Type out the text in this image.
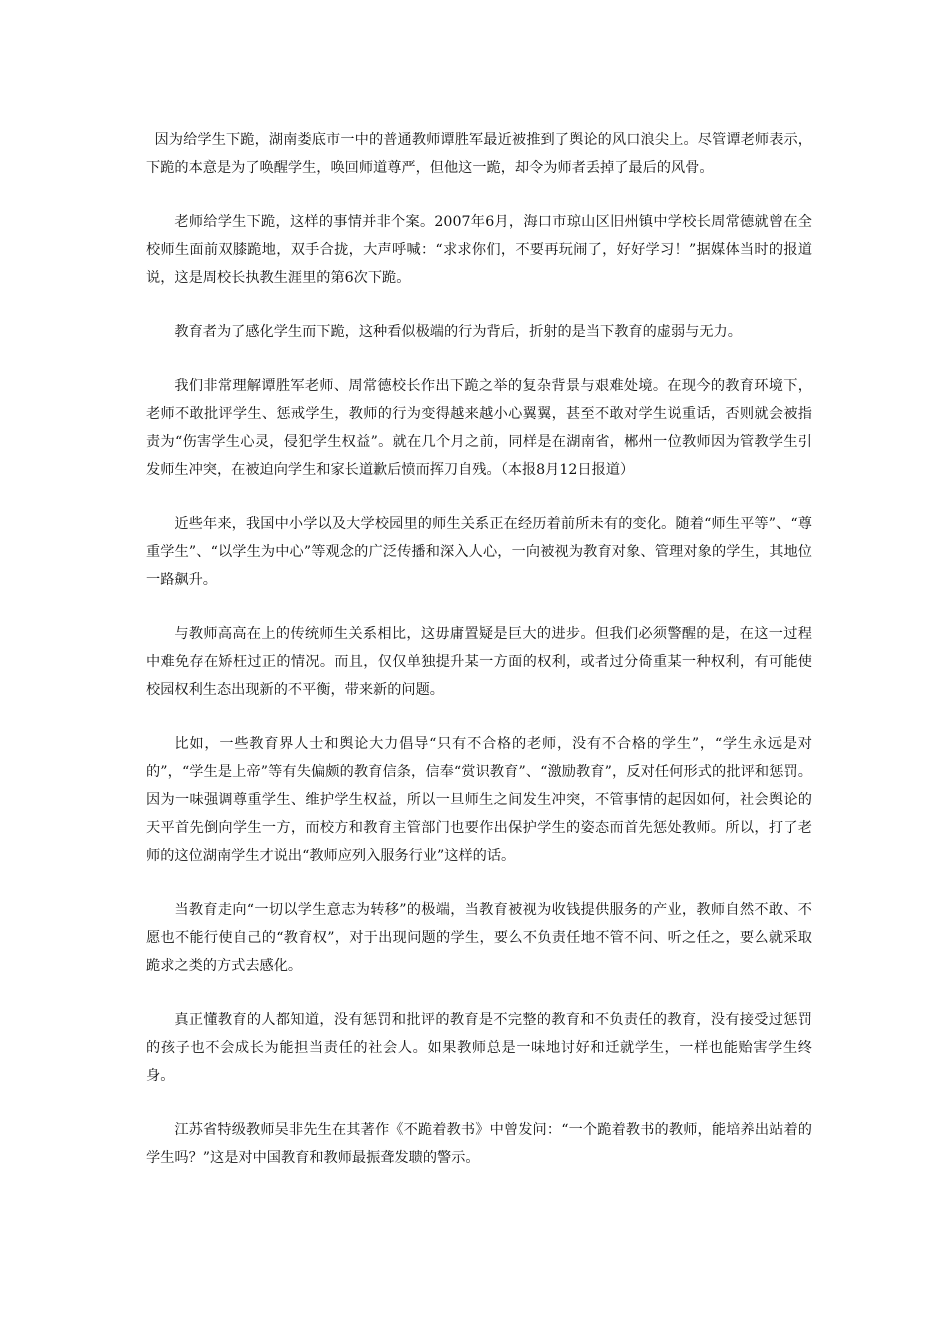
因为给学生下跪，湖南娄底市一中的普通教师谭胜军最近被推到了舆论的风口浪尖上。尽管谭老师表示，下跪的本意是为了唤醒学生，唤回师道尊严，但他这一跪，却令为师者丢掉了最后的风骨。

老师给学生下跪，这样的事情并非个案。2007年6月，海口市琼山区旧州镇中学校长周常德就曾在全校师生面前双膝跪地，双手合拢，大声呼喊：“求求你们，不要再玩闹了，好好学习！”据媒体当时的报道说，这是周校长执教生涯里的第6次下跪。

教育者为了感化学生而下跪，这种看似极端的行为背后，折射的是当下教育的虚弱与无力。

我们非常理解谭胜军老师、周常德校长作出下跪之举的复杂背景与艰难处境。在现今的教育环境下，老师不敢批评学生、惩戒学生，教师的行为变得越来越小心翼翼，甚至不敢对学生说重话，否则就会被指责为“伤害学生心灵，侵犯学生权益”。就在几个月之前，同样是在湖南省，郴州一位教师因为管教学生引发师生冲突，在被迫向学生和家长道歉后愤而挥刀自残。（本报8月12日报道）

近些年来，我国中小学以及大学校园里的师生关系正在经历着前所未有的变化。随着“师生平等”、“尊重学生”、“以学生为中心”等观念的广泛传播和深入人心，一向被视为教育对象、管理对象的学生，其地位一路飙升。

与教师高高在上的传统师生关系相比，这毋庸置疑是巨大的进步。但我们必须警醒的是，在这一过程中难免存在矫枉过正的情况。而且，仅仅单独提升某一方面的权利，或者过分倚重某一种权利，有可能使校园权利生态出现新的不平衡，带来新的问题。

比如，一些教育界人士和舆论大力倡导“只有不合格的老师，没有不合格的学生”，“学生永远是对的”，“学生是上帝”等有失偏颇的教育信条，信奉“赏识教育”、“激励教育”，反对任何形式的批评和惩罚。因为一味强调尊重学生、维护学生权益，所以一旦师生之间发生冲突，不管事情的起因如何，社会舆论的天平首先倒向学生一方，而校方和教育主管部门也要作出保护学生的姿态而首先惩处教师。所以，打了老师的这位湖南学生才说出“教师应列入服务行业”这样的话。

当教育走向“一切以学生意志为转移”的极端，当教育被视为收钱提供服务的产业，教师自然不敢、不愿也不能行使自己的“教育权”，对于出现问题的学生，要么不负责任地不管不问、听之任之，要么就采取跪求之类的方式去感化。

真正懂教育的人都知道，没有惩罚和批评的教育是不完整的教育和不负责任的教育，没有接受过惩罚的孩子也不会成长为能担当责任的社会人。如果教师总是一味地讨好和迁就学生，一样也能贻害学生终身。

江苏省特级教师吴非先生在其著作《不跪着教书》中曾发问：“一个跪着教书的教师，能培养出站着的学生吗？”这是对中国教育和教师最振聋发聩的警示。
